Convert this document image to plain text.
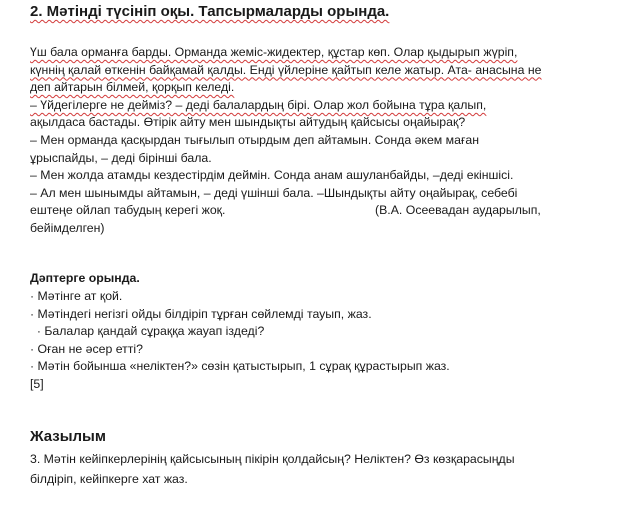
2. Мәтінді түсініп оқы. Тапсырмаларды орында.
Үш бала орманға барды. Орманда жеміс-жидектер, құстар көп. Олар қыдырып жүріп,
күннің қалай өткенін байқамай қалды. Енді үйлеріне қайтып келе жатыр. Ата- анасына не
деп айтарын білмей, қорқып келеді.
– Үйдегілерге не дейміз? – деді балалардың бірі. Олар жол бойына тұра қалып,
ақылдаса бастады. Өтірік айту мен шындықты айтудың қайсысы оңайырақ?
– Мен орманда қасқырдан тығылып отырдым деп айтамын. Сонда әкем маған
ұрыспайды, – деді бірінші бала.
– Мен жолда атамды кездестірдім деймін. Сонда анам ашуланбайды, –деді екіншісі.
– Ал мен шынымды айтамын, – деді үшінші бала. –Шындықты айту оңайырақ, себебі
ештеңе ойлап табудың керегі жоқ.	(В.А. Осеевадан аударылып,
бейімделген)
Дәптерге орында.
· Мәтінге ат қой.
· Мәтіндегі негізгі ойды білдіріп тұрған сөйлемді тауып, жаз.
· Балалар қандай сұраққа жауап іздеді?
· Оған не әсер етті?
· Мәтін бойынша «неліктен?» сөзін қатыстырып, 1 сұрақ құрастырып жаз.
[5]
Жазылым
3. Мәтін кейіпкерлерінің қайсысының пікірін қолдайсың? Неліктен? Өз көзқарасыңды
білдіріп, кейіпкерге хат жаз.
